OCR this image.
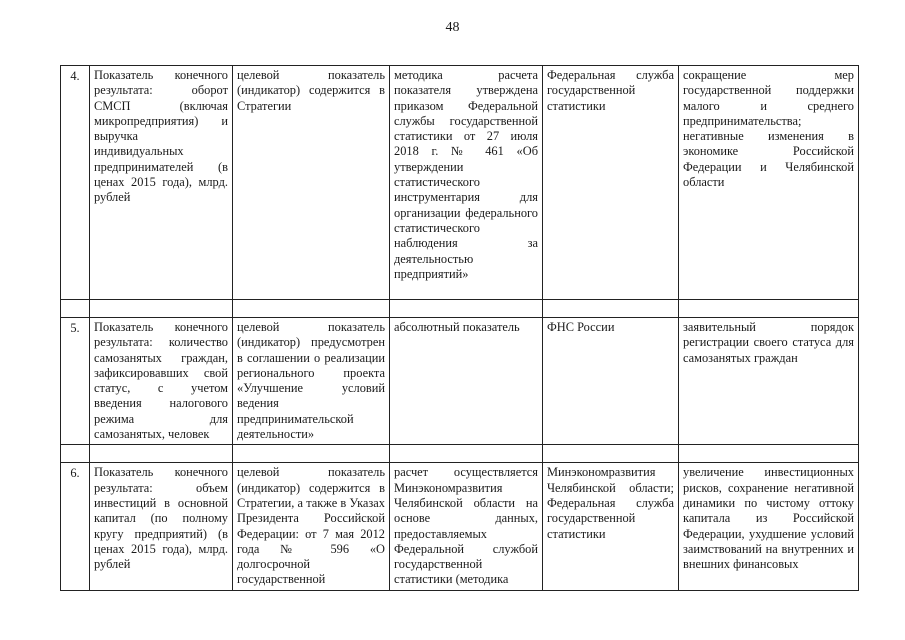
48
4.	Показатель конечного результата: оборот СМСП (включая микропредприятия) и выручка индивидуальных предпринимателей (в ценах 2015 года), млрд. рублей	целевой показатель (индикатор) содержится в Стратегии	методика расчета показателя утверждена приказом Федеральной службы государственной статистики от 27 июля 2018 г. № 461 «Об утверждении статистического инструментария для организации федерального статистического наблюдения за деятельностью предприятий»	Федеральная служба государственной статистики	сокращение мер государственной поддержки малого и среднего предпринимательства; негативные изменения в экономике Российской Федерации и Челябинской области

5.	Показатель конечного результата: количество самозанятых граждан, зафиксировавших свой статус, с учетом введения налогового режима для самозанятых, человек	целевой показатель (индикатор) предусмотрен в соглашении о реализации регионального проекта «Улучшение условий ведения предпринимательской деятельности»	абсолютный показатель	ФНС России	заявительный порядок регистрации своего статуса для самозанятых граждан

6.	Показатель конечного результата: объем инвестиций в основной капитал (по полному кругу предприятий) (в ценах 2015 года), млрд. рублей	целевой показатель (индикатор) содержится в Стратегии, а также в Указах Президента Российской Федерации: от 7 мая 2012 года № 596 «О долгосрочной государственной	расчет осуществляется Минэкономразвития Челябинской области на основе данных, предоставляемых Федеральной службой государственной статистики (методика	Минэкономразвития Челябинской области; Федеральная служба государственной статистики	увеличение инвестиционных рисков, сохранение негативной динамики по чистому оттоку капитала из Российской Федерации, ухудшение условий заимствований на внутренних и внешних финансовых
